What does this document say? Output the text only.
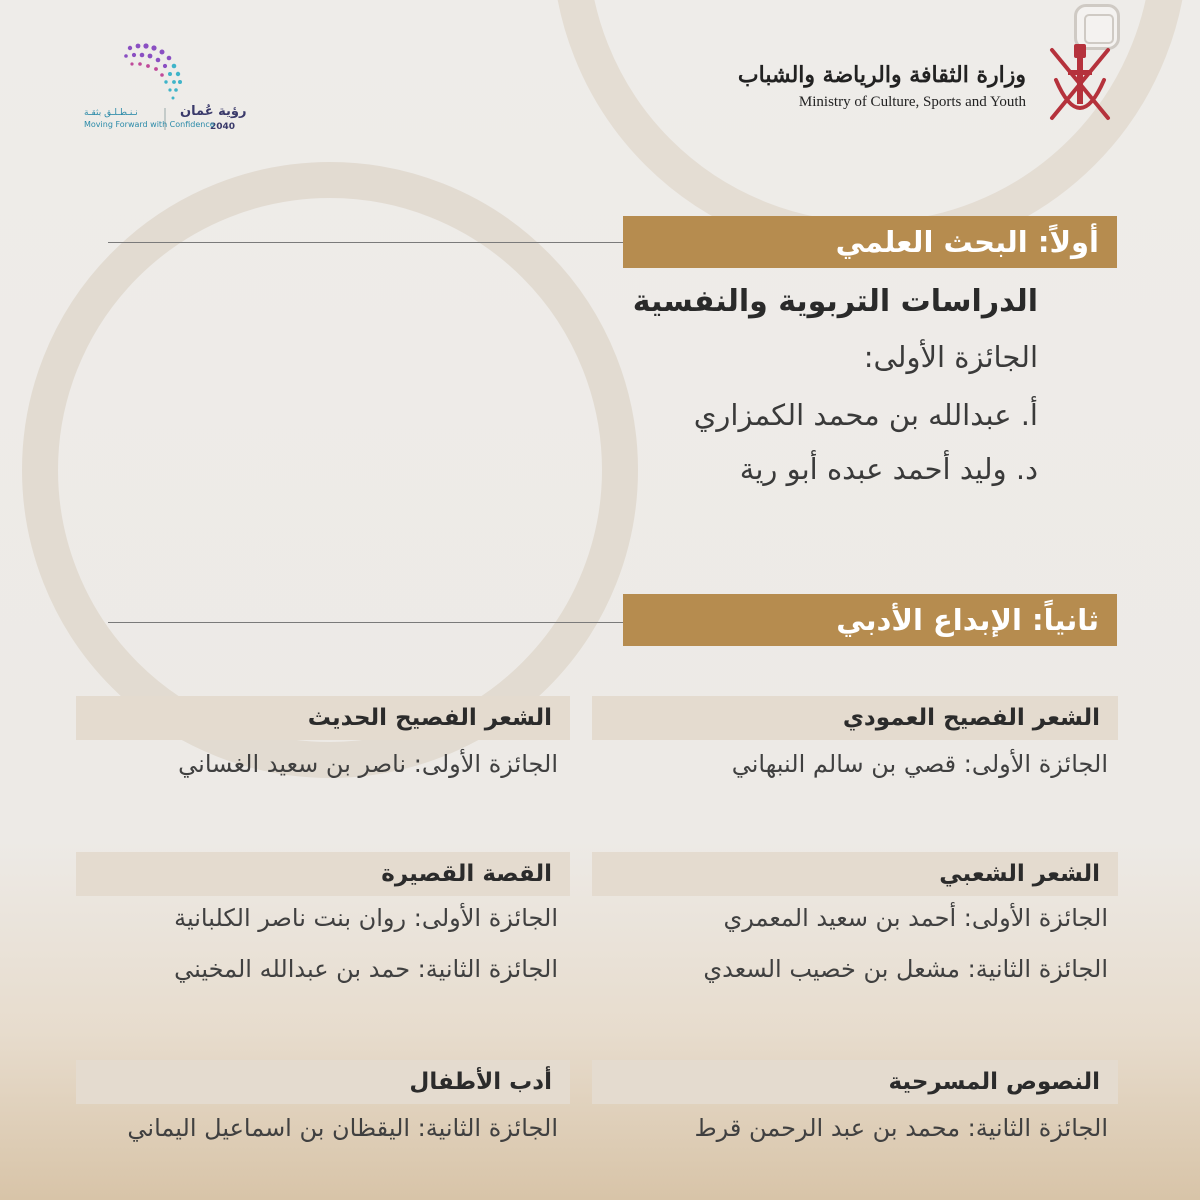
وزارة الثقافة والرياضة والشباب
Ministry of Culture, Sports and Youth
رؤية عُمان
2040
نـنـطـلـق بثقـة
Moving Forward with Confidence
أولاً: البحث العلمي
الدراسات التربوية والنفسية
الجائزة الأولى:
أ. عبدالله بن محمد الكمزاري
د. وليد أحمد عبده أبو رية
ثانياً: الإبداع الأدبي
الشعر الفصيح العمودي
الشعر الفصيح الحديث
الجائزة الأولى: قصي بن سالم النبهاني
الجائزة الأولى: ناصر بن سعيد الغساني
الشعر الشعبي
القصة القصيرة
الجائزة الأولى: أحمد بن سعيد المعمري
الجائزة الثانية: مشعل بن خصيب السعدي
الجائزة الأولى: روان بنت ناصر الكلبانية
الجائزة الثانية: حمد بن عبدالله المخيني
النصوص المسرحية
أدب الأطفال
الجائزة الثانية: محمد بن عبد الرحمن قرط
الجائزة الثانية: اليقظان بن اسماعيل اليماني
